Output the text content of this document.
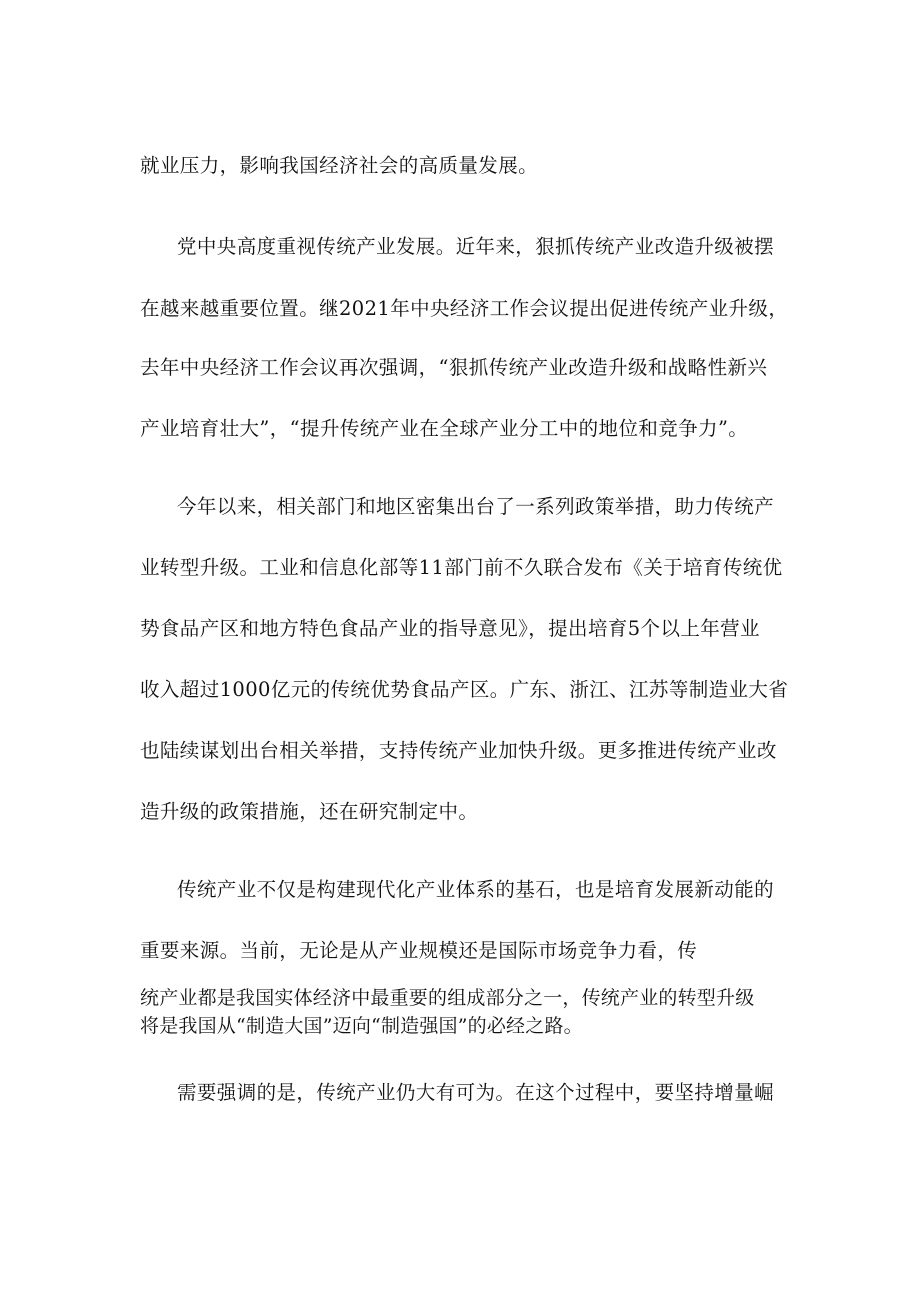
就业压力，影响我国经济社会的高质量发展。
党中央高度重视传统产业发展。近年来，狠抓传统产业改造升级被摆
在越来越重要位置。继2021年中央经济工作会议提出促进传统产业升级，
去年中央经济工作会议再次强调，“狠抓传统产业改造升级和战略性新兴
产业培育壮大”，“提升传统产业在全球产业分工中的地位和竞争力”。
今年以来，相关部门和地区密集出台了一系列政策举措，助力传统产
业转型升级。工业和信息化部等11部门前不久联合发布《关于培育传统优
势食品产区和地方特色食品产业的指导意见》，提出培育5个以上年营业
收入超过1000亿元的传统优势食品产区。广东、浙江、江苏等制造业大省
也陆续谋划出台相关举措，支持传统产业加快升级。更多推进传统产业改
造升级的政策措施，还在研究制定中。
传统产业不仅是构建现代化产业体系的基石，也是培育发展新动能的
重要来源。当前，无论是从产业规模还是国际市场竞争力看，传
统产业都是我国实体经济中最重要的组成部分之一，传统产业的转型升级
将是我国从“制造大国”迈向“制造强国”的必经之路。
需要强调的是，传统产业仍大有可为。在这个过程中，要坚持增量崛
